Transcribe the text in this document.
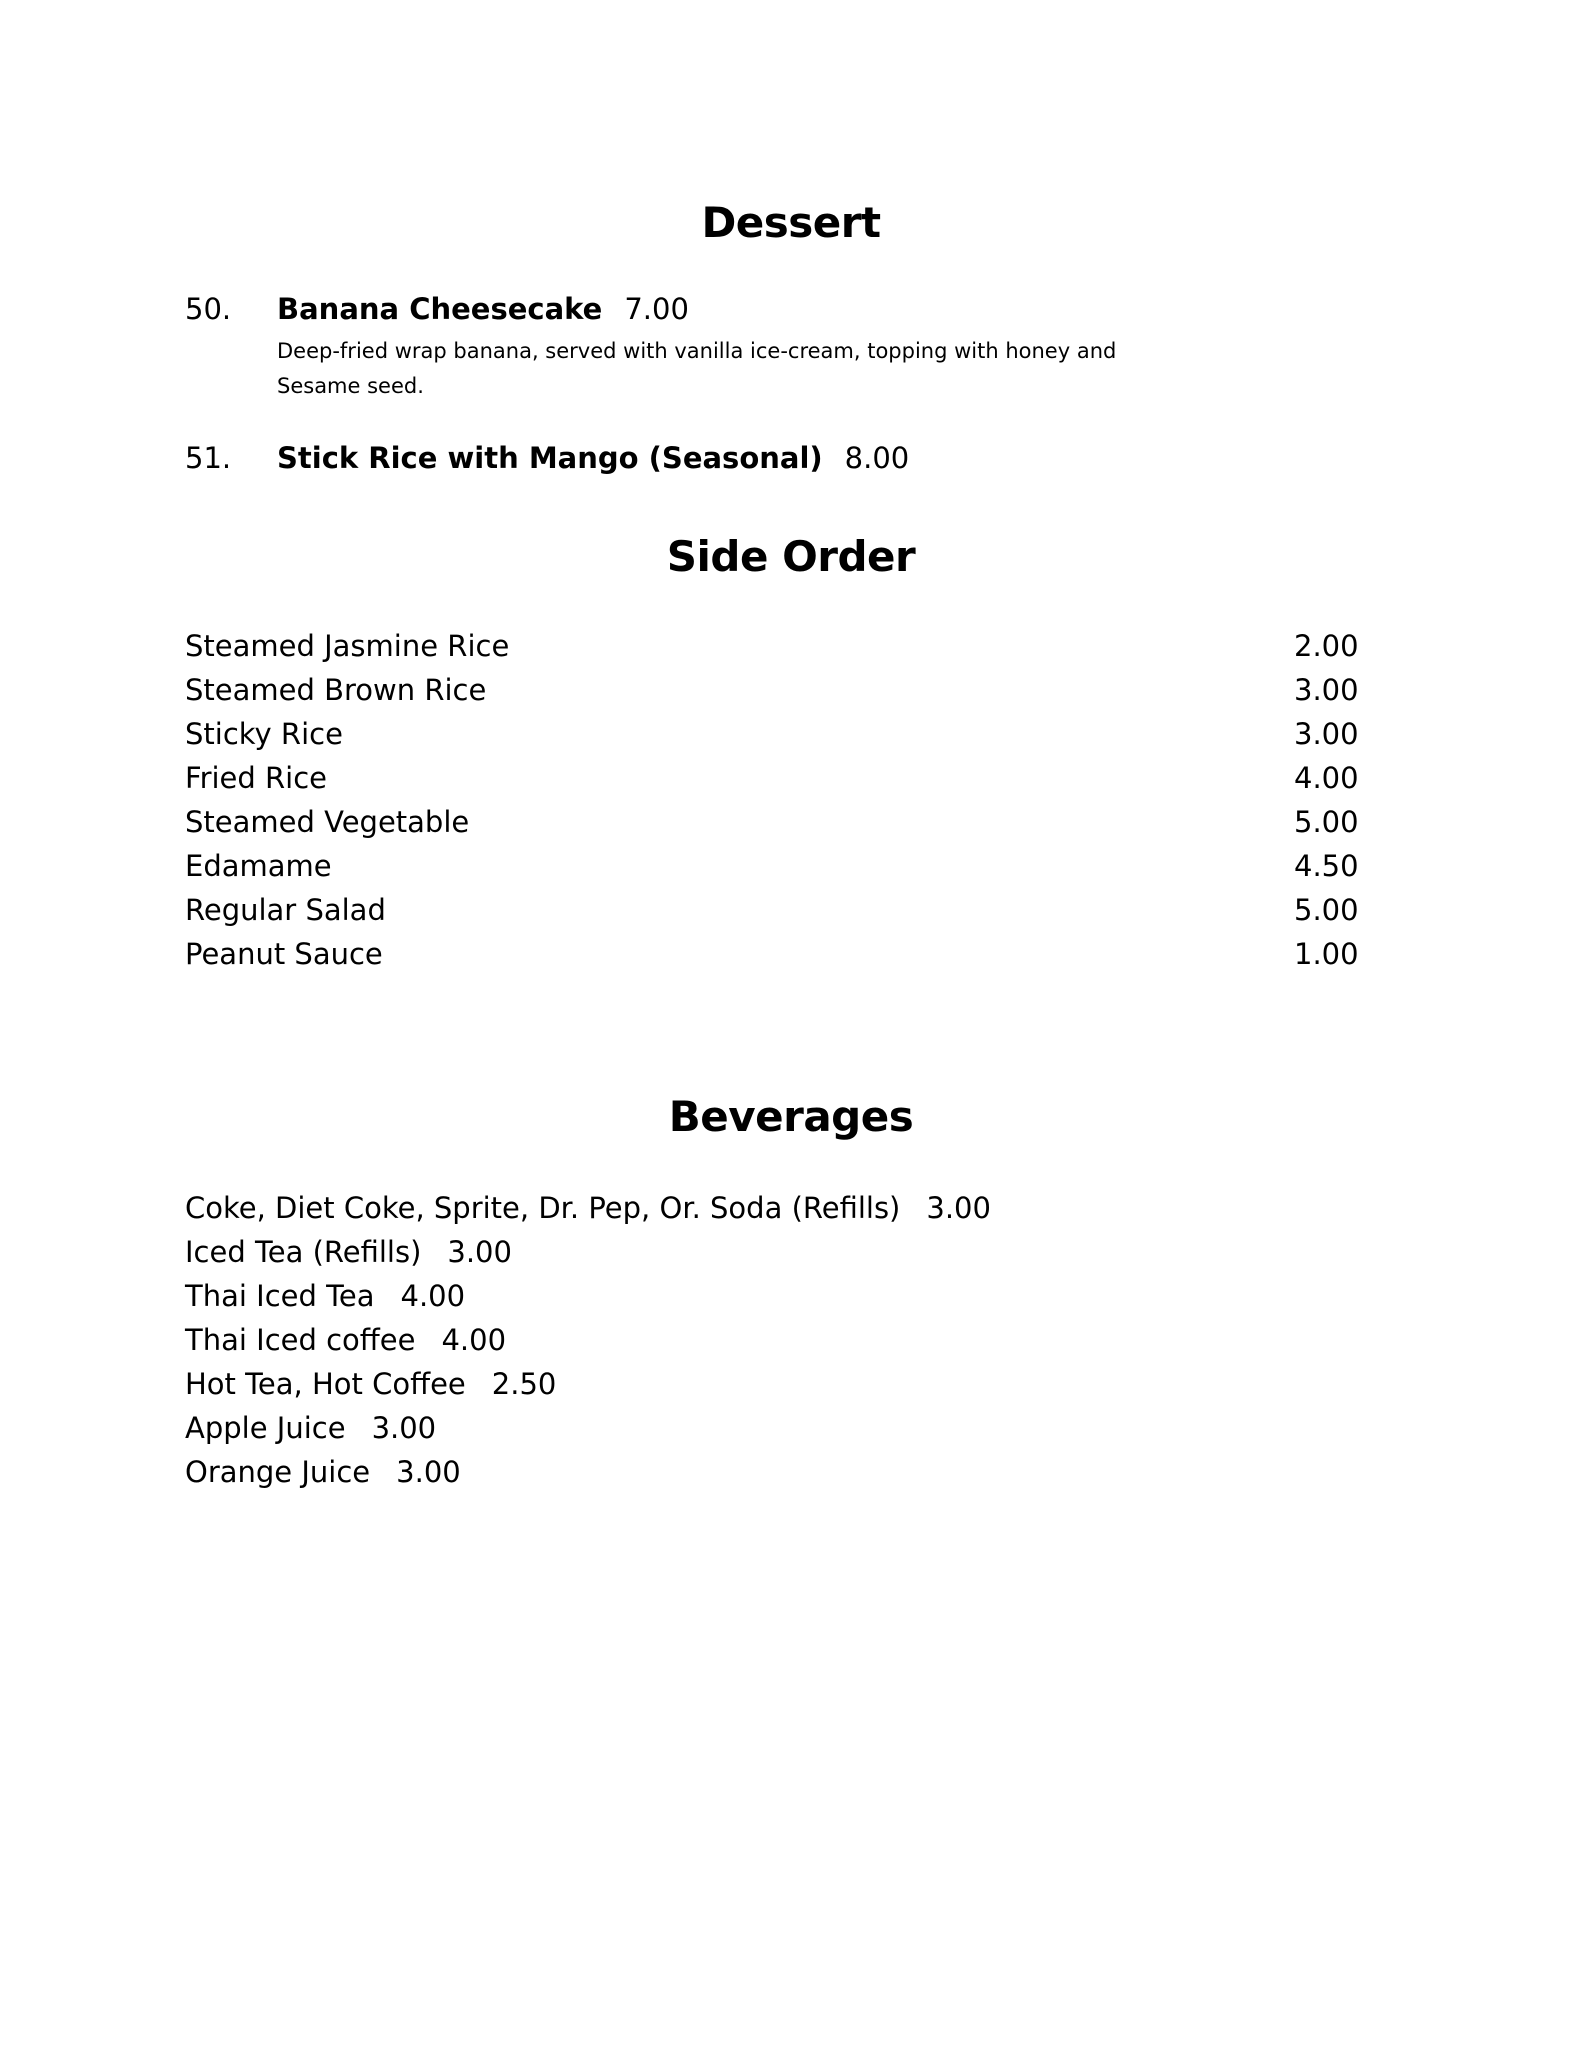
Dessert
50. Banana Cheesecake 7.00
Deep-fried wrap banana, served with vanilla ice-cream, topping with honey and
Sesame seed.
51. Stick Rice with Mango (Seasonal) 8.00
Side Order
Steamed Jasmine Rice	2.00
Steamed Brown Rice	3.00
Sticky Rice	3.00
Fried Rice	4.00
Steamed Vegetable	5.00
Edamame	4.50
Regular Salad	5.00
Peanut Sauce	1.00
Beverages
Coke, Diet Coke, Sprite, Dr. Pep, Or. Soda (Refills) 3.00
Iced Tea (Refills) 3.00
Thai Iced Tea 4.00
Thai Iced coffee 4.00
Hot Tea, Hot Coffee 2.50
Apple Juice 3.00
Orange Juice 3.00
